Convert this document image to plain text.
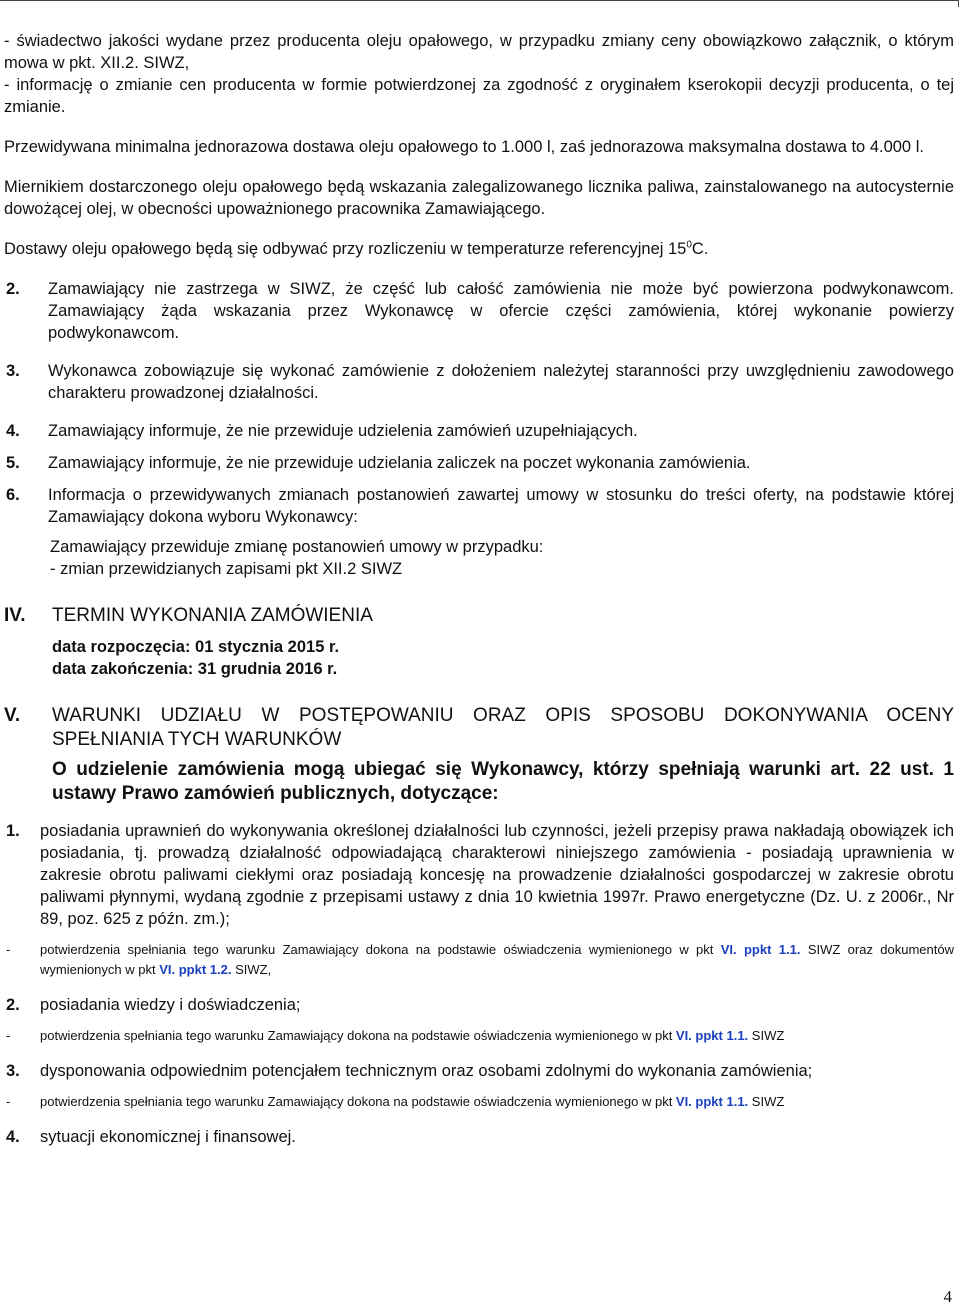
- świadectwo jakości wydane przez producenta oleju opałowego, w przypadku zmiany ceny obowiązkowo załącznik, o którym mowa w pkt. XII.2. SIWZ,

- informację o zmianie cen producenta w formie potwierdzonej za zgodność z oryginałem kserokopii decyzji producenta, o tej zmianie.

Przewidywana minimalna jednorazowa dostawa oleju opałowego to 1.000 l, zaś jednorazowa maksymalna dostawa to 4.000 l.

Miernikiem dostarczonego oleju opałowego będą wskazania zalegalizowanego licznika paliwa, zainstalowanego na autocysternie dowożącej olej, w obecności upoważnionego pracownika Zamawiającego.

Dostawy oleju opałowego będą się odbywać przy rozliczeniu w temperaturze referencyjnej $15^0C$.

2.	Zamawiający nie zastrzega w SIWZ, że część lub całość zamówienia nie może być powierzona podwykonawcom. Zamawiający żąda wskazania przez Wykonawcę w ofercie części zamówienia, której wykonanie powierzy podwykonawcom.
3.	Wykonawca zobowiązuje się wykonać zamówienie z dołożeniem należytej staranności przy uwzględnieniu zawodowego charakteru prowadzonej działalności.
4.	Zamawiający informuje, że nie przewiduje udzielenia zamówień uzupełniających.
5.	Zamawiający informuje, że nie przewiduje udzielania zaliczek na poczet wykonania zamówienia.
6.	Informacja o przewidywanych zmianach postanowień zawartej umowy w stosunku do treści oferty, na podstawie której Zamawiający dokona wyboru Wykonawcy:

Zamawiający przewiduje zmianę postanowień umowy w przypadku:

- zmian przewidzianych zapisami pkt XII.2 SIWZ

IV.	TERMIN WYKONANIA ZAMÓWIENIA

data rozpoczęcia: 01 stycznia 2015 r.

data zakończenia: 31 grudnia 2016 r.

V.	WARUNKI UDZIAŁU W POSTĘPOWANIU ORAZ OPIS SPOSOBU DOKONYWANIA OCENY SPEŁNIANIA TYCH WARUNKÓW

O udzielenie zamówienia mogą ubiegać się Wykonawcy, którzy spełniają warunki art. 22 ust. 1 ustawy Prawo zamówień publicznych, dotyczące:

1.	posiadania uprawnień do wykonywania określonej działalności lub czynności, jeżeli przepisy prawa nakładają obowiązek ich posiadania, tj. prowadzą działalność odpowiadającą charakterowi niniejszego zamówienia - posiadają uprawnienia w zakresie obrotu paliwami ciekłymi oraz posiadają koncesję na prowadzenie działalności gospodarczej w zakresie obrotu paliwami płynnymi, wydaną zgodnie z przepisami ustawy z dnia 10 kwietnia 1997r. Prawo energetyczne (Dz. U. z 2006r., Nr 89, poz. 625 z późn. zm.);
-	potwierdzenia spełniania tego warunku Zamawiający dokona na podstawie oświadczenia wymienionego w pkt VI. ppkt 1.1. SIWZ oraz dokumentów wymienionych w pkt VI. ppkt 1.2. SIWZ,
2.	posiadania wiedzy i doświadczenia;
-	potwierdzenia spełniania tego warunku Zamawiający dokona na podstawie oświadczenia wymienionego w pkt VI. ppkt 1.1. SIWZ
3.	dysponowania odpowiednim potencjałem technicznym oraz osobami zdolnymi do wykonania zamówienia;
-	potwierdzenia spełniania tego warunku Zamawiający dokona na podstawie oświadczenia wymienionego w pkt VI. ppkt 1.1. SIWZ
4.	sytuacji ekonomicznej i finansowej.
4
